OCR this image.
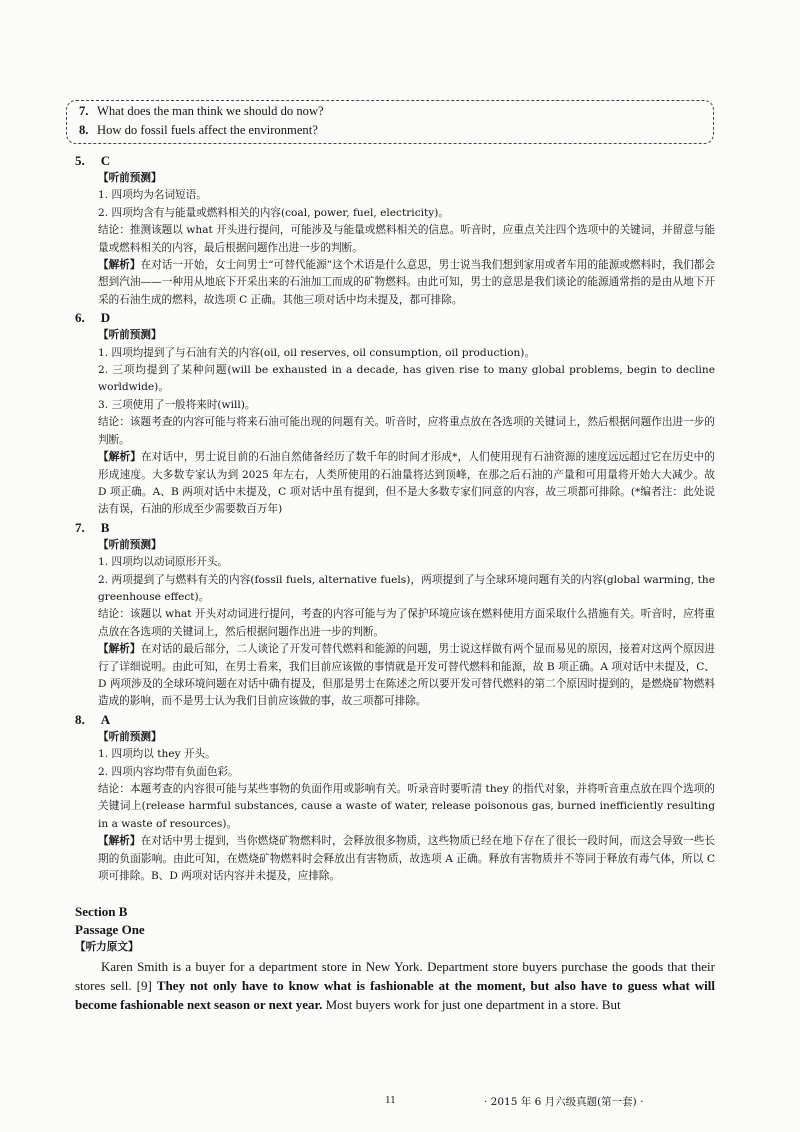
7. What does the man think we should do now?
8. How do fossil fuels affect the environment?
5. C
【听前预测】

1. 四项均为名词短语。

2. 四项均含有与能量或燃料相关的内容(coal, power, fuel, electricity)。

结论：推测该题以 what 开头进行提问，可能涉及与能量或燃料相关的信息。听音时，应重点关注四个选项中的关键词，并留意与能量或燃料相关的内容，最后根据问题作出进一步的判断。

【解析】在对话一开始，女士问男士“可替代能源”这个术语是什么意思，男士说当我们想到家用或者车用的能源或燃料时，我们都会想到汽油——一种用从地底下开采出来的石油加工而成的矿物燃料。由此可知，男士的意思是我们谈论的能源通常指的是由从地下开采的石油生成的燃料，故选项 C 正确。其他三项对话中均未提及，都可排除。

6. D
【听前预测】

1. 四项均提到了与石油有关的内容(oil, oil reserves, oil consumption, oil production)。

2. 三项均提到了某种问题(will be exhausted in a decade, has given rise to many global problems, begin to decline worldwide)。

3. 三项使用了一般将来时(will)。

结论：该题考查的内容可能与将来石油可能出现的问题有关。听音时，应将重点放在各选项的关键词上，然后根据问题作出进一步的判断。

【解析】在对话中，男士说目前的石油自然储备经历了数千年的时间才形成*，人们使用现有石油资源的速度远远超过它在历史中的形成速度。大多数专家认为到 2025 年左右，人类所使用的石油量将达到顶峰，在那之后石油的产量和可用量将开始大大减少。故 D 项正确。A、B 两项对话中未提及，C 项对话中虽有提到，但不是大多数专家们同意的内容，故三项都可排除。(*编者注：此处说法有误，石油的形成至少需要数百万年)

7. B
【听前预测】

1. 四项均以动词原形开头。

2. 两项提到了与燃料有关的内容(fossil fuels, alternative fuels)，两项提到了与全球环境问题有关的内容(global warming, the greenhouse effect)。

结论：该题以 what 开头对动词进行提问，考查的内容可能与为了保护环境应该在燃料使用方面采取什么措施有关。听音时，应将重点放在各选项的关键词上，然后根据问题作出进一步的判断。

【解析】在对话的最后部分，二人谈论了开发可替代燃料和能源的问题，男士说这样做有两个显而易见的原因，接着对这两个原因进行了详细说明。由此可知，在男士看来，我们目前应该做的事情就是开发可替代燃料和能源，故 B 项正确。A 项对话中未提及，C、D 两项涉及的全球环境问题在对话中确有提及，但那是男士在陈述之所以要开发可替代燃料的第二个原因时提到的，是燃烧矿物燃料造成的影响，而不是男士认为我们目前应该做的事，故三项都可排除。

8. A
【听前预测】

1. 四项均以 they 开头。

2. 四项内容均带有负面色彩。

结论：本题考查的内容很可能与某些事物的负面作用或影响有关。听录音时要听清 they 的指代对象，并将听音重点放在四个选项的关键词上(release harmful substances, cause a waste of water, release poisonous gas, burned inefficiently resulting in a waste of resources)。

【解析】在对话中男士提到，当你燃烧矿物燃料时，会释放很多物质，这些物质已经在地下存在了很长一段时间，而这会导致一些长期的负面影响。由此可知，在燃烧矿物燃料时会释放出有害物质，故选项 A 正确。释放有害物质并不等同于释放有毒气体，所以 C 项可排除。B、D 两项对话内容并未提及，应排除。

Section B
Passage One
【听力原文】

Karen Smith is a buyer for a department store in New York. Department store buyers purchase the goods that their stores sell. [9] They not only have to know what is fashionable at the moment, but also have to guess what will become fashionable next season or next year. Most buyers work for just one department in a store. But

11	· 2015 年 6 月六级真题(第一套) ·
